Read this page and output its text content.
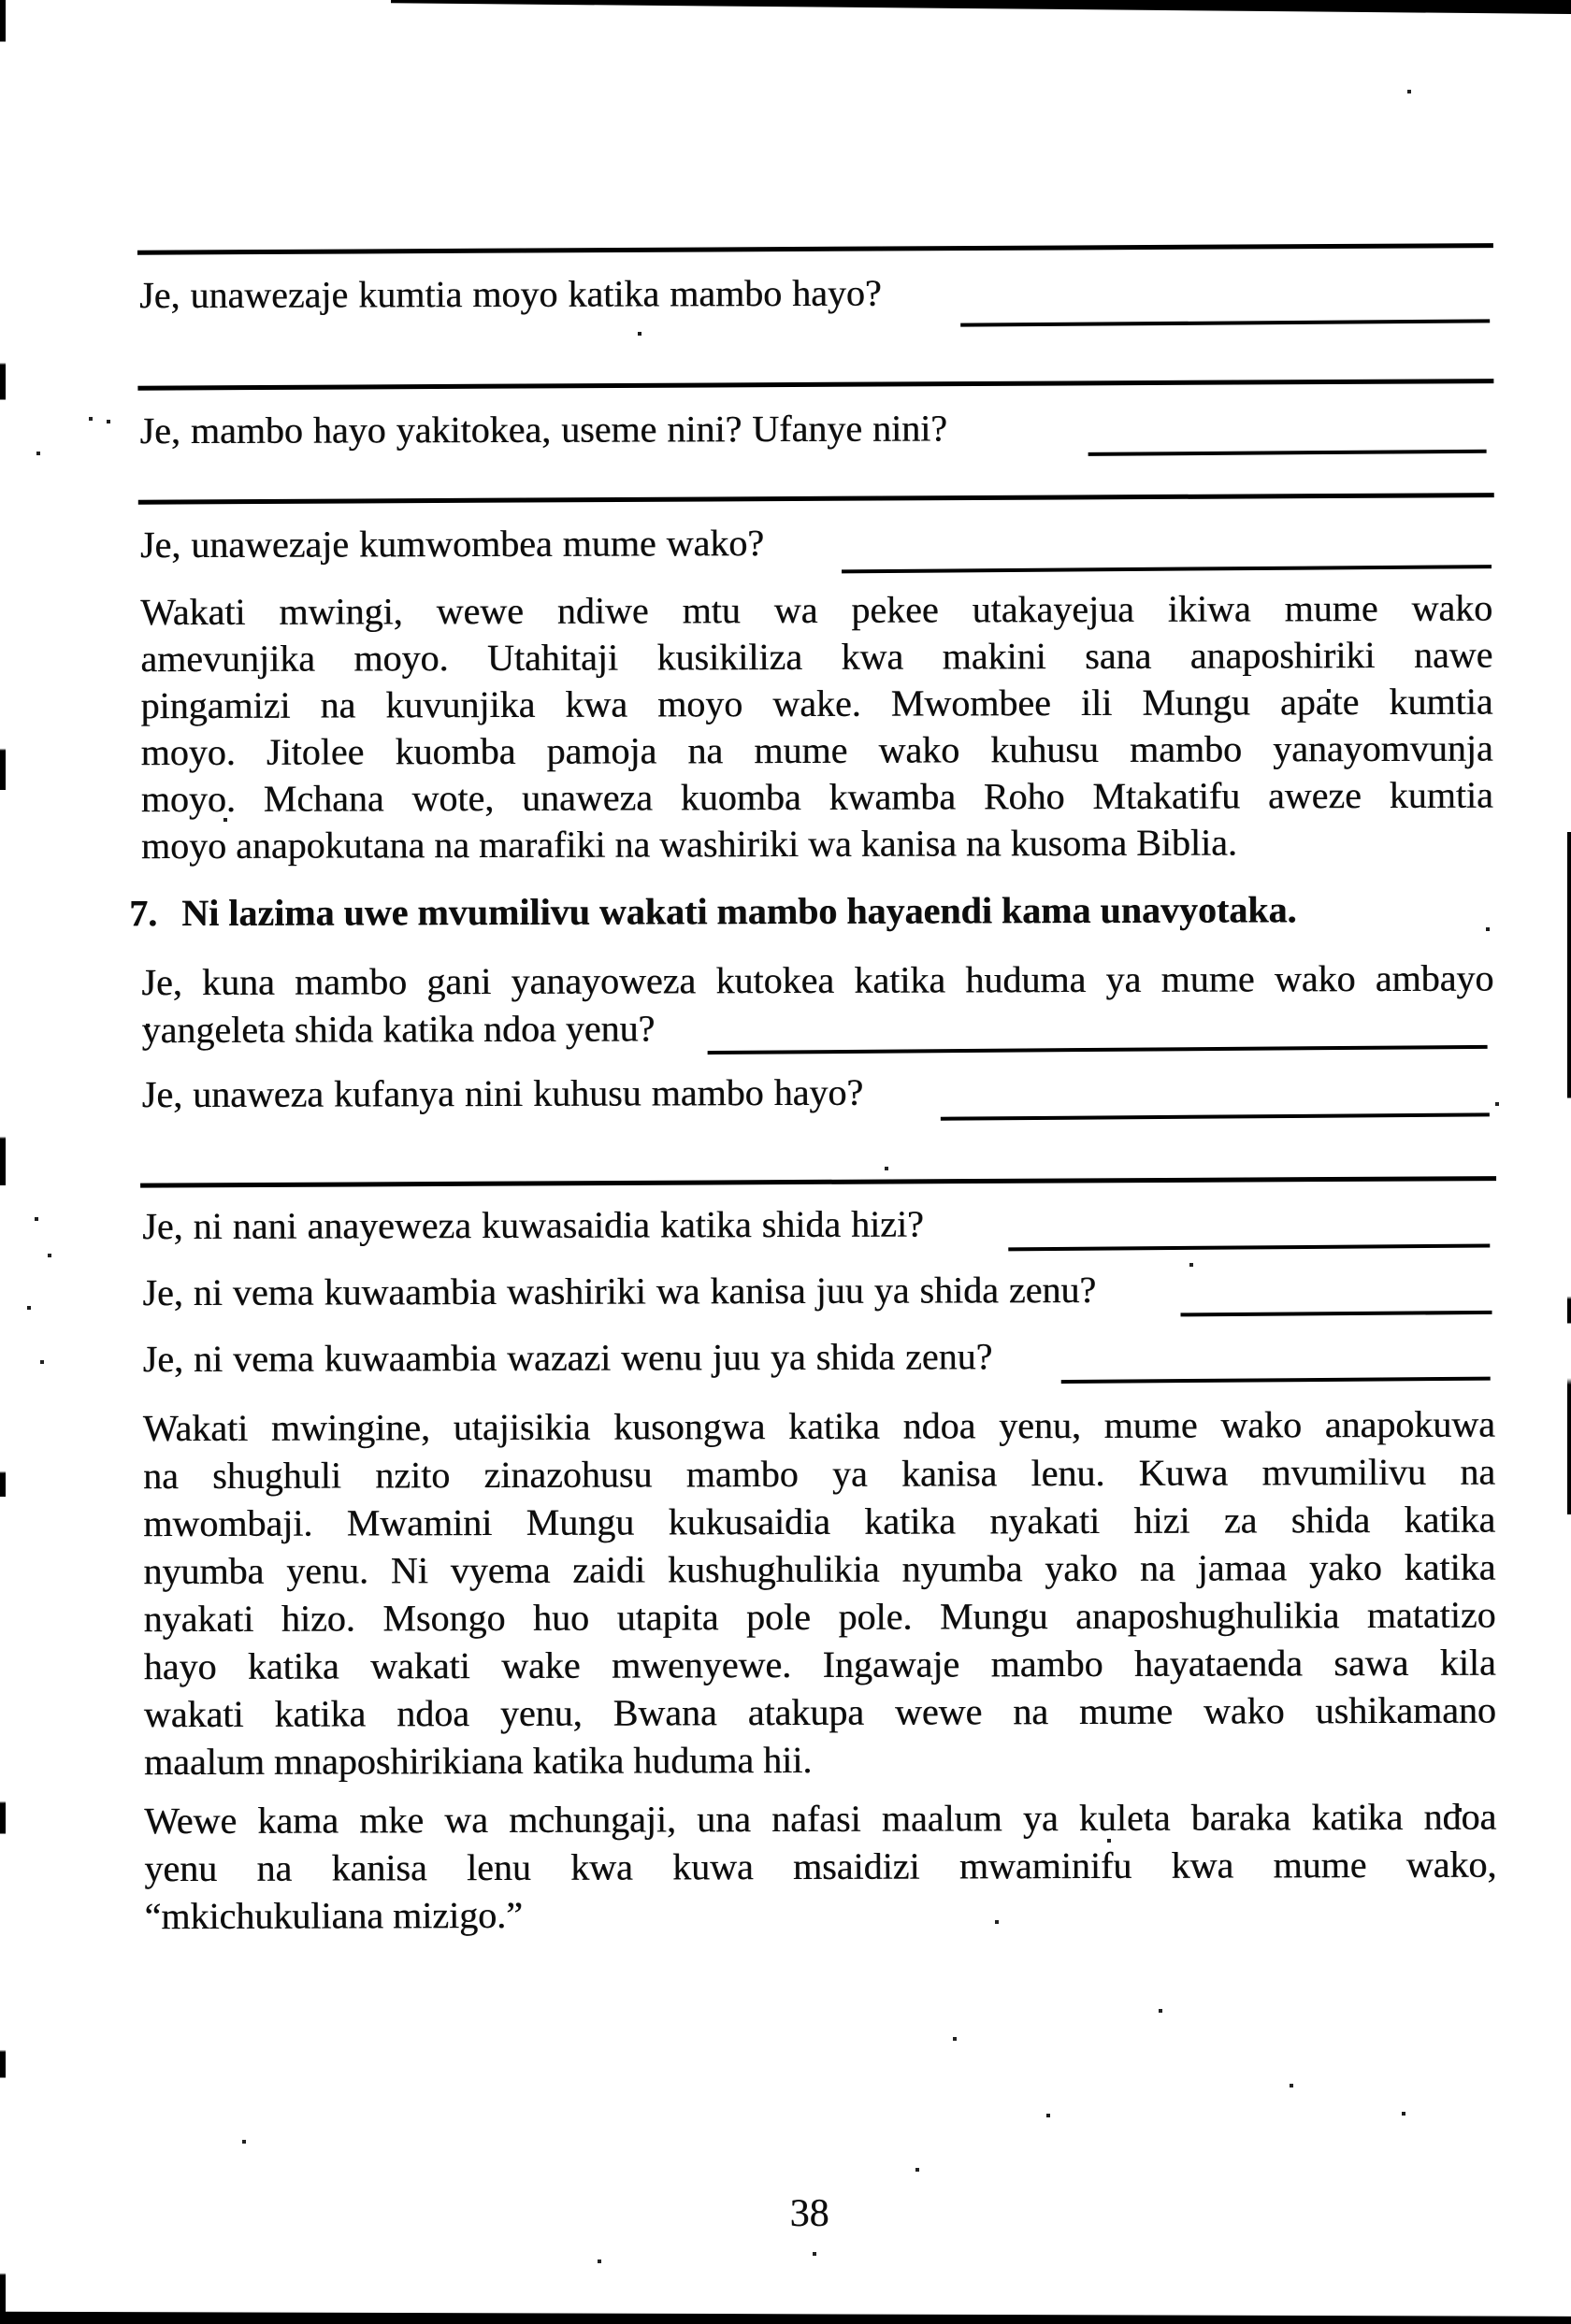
Je, unawezaje kumtia moyo katika mambo hayo?
Je, mambo hayo yakitokea, useme nini? Ufanye nini?
Je, unawezaje kumwombea mume wako?
Wakati mwingi, wewe ndiwe mtu wa pekee utakayejua ikiwa mume wako
amevunjika moyo. Utahitaji kusikiliza kwa makini sana anaposhiriki nawe
pingamizi na kuvunjika kwa moyo wake. Mwombee ili Mungu apate kumtia
moyo. Jitolee kuomba pamoja na mume wako kuhusu mambo yanayomvunja
moyo. Mchana wote, unaweza kuomba kwamba Roho Mtakatifu aweze kumtia
moyo anapokutana na marafiki na washiriki wa kanisa na kusoma Biblia.
7. Ni lazima uwe mvumilivu wakati mambo hayaendi kama unavyotaka.
Je, kuna mambo gani yanayoweza kutokea katika huduma ya mume wako ambayo
yangeleta shida katika ndoa yenu?
Je, unaweza kufanya nini kuhusu mambo hayo?
Je, ni nani anayeweza kuwasaidia katika shida hizi?
Je, ni vema kuwaambia washiriki wa kanisa juu ya shida zenu?
Je, ni vema kuwaambia wazazi wenu juu ya shida zenu?
Wakati mwingine, utajisikia kusongwa katika ndoa yenu, mume wako anapokuwa
na shughuli nzito zinazohusu mambo ya kanisa lenu. Kuwa mvumilivu na
mwombaji. Mwamini Mungu kukusaidia katika nyakati hizi za shida katika
nyumba yenu. Ni vyema zaidi kushughulikia nyumba yako na jamaa yako katika
nyakati hizo. Msongo huo utapita pole pole. Mungu anaposhughulikia matatizo
hayo katika wakati wake mwenyewe. Ingawaje mambo hayataenda sawa kila
wakati katika ndoa yenu, Bwana atakupa wewe na mume wako ushikamano
maalum mnaposhirikiana katika huduma hii.
Wewe kama mke wa mchungaji, una nafasi maalum ya kuleta baraka katika ndoa
yenu na kanisa lenu kwa kuwa msaidizi mwaminifu kwa mume wako,
“mkichukuliana mizigo.”
38
